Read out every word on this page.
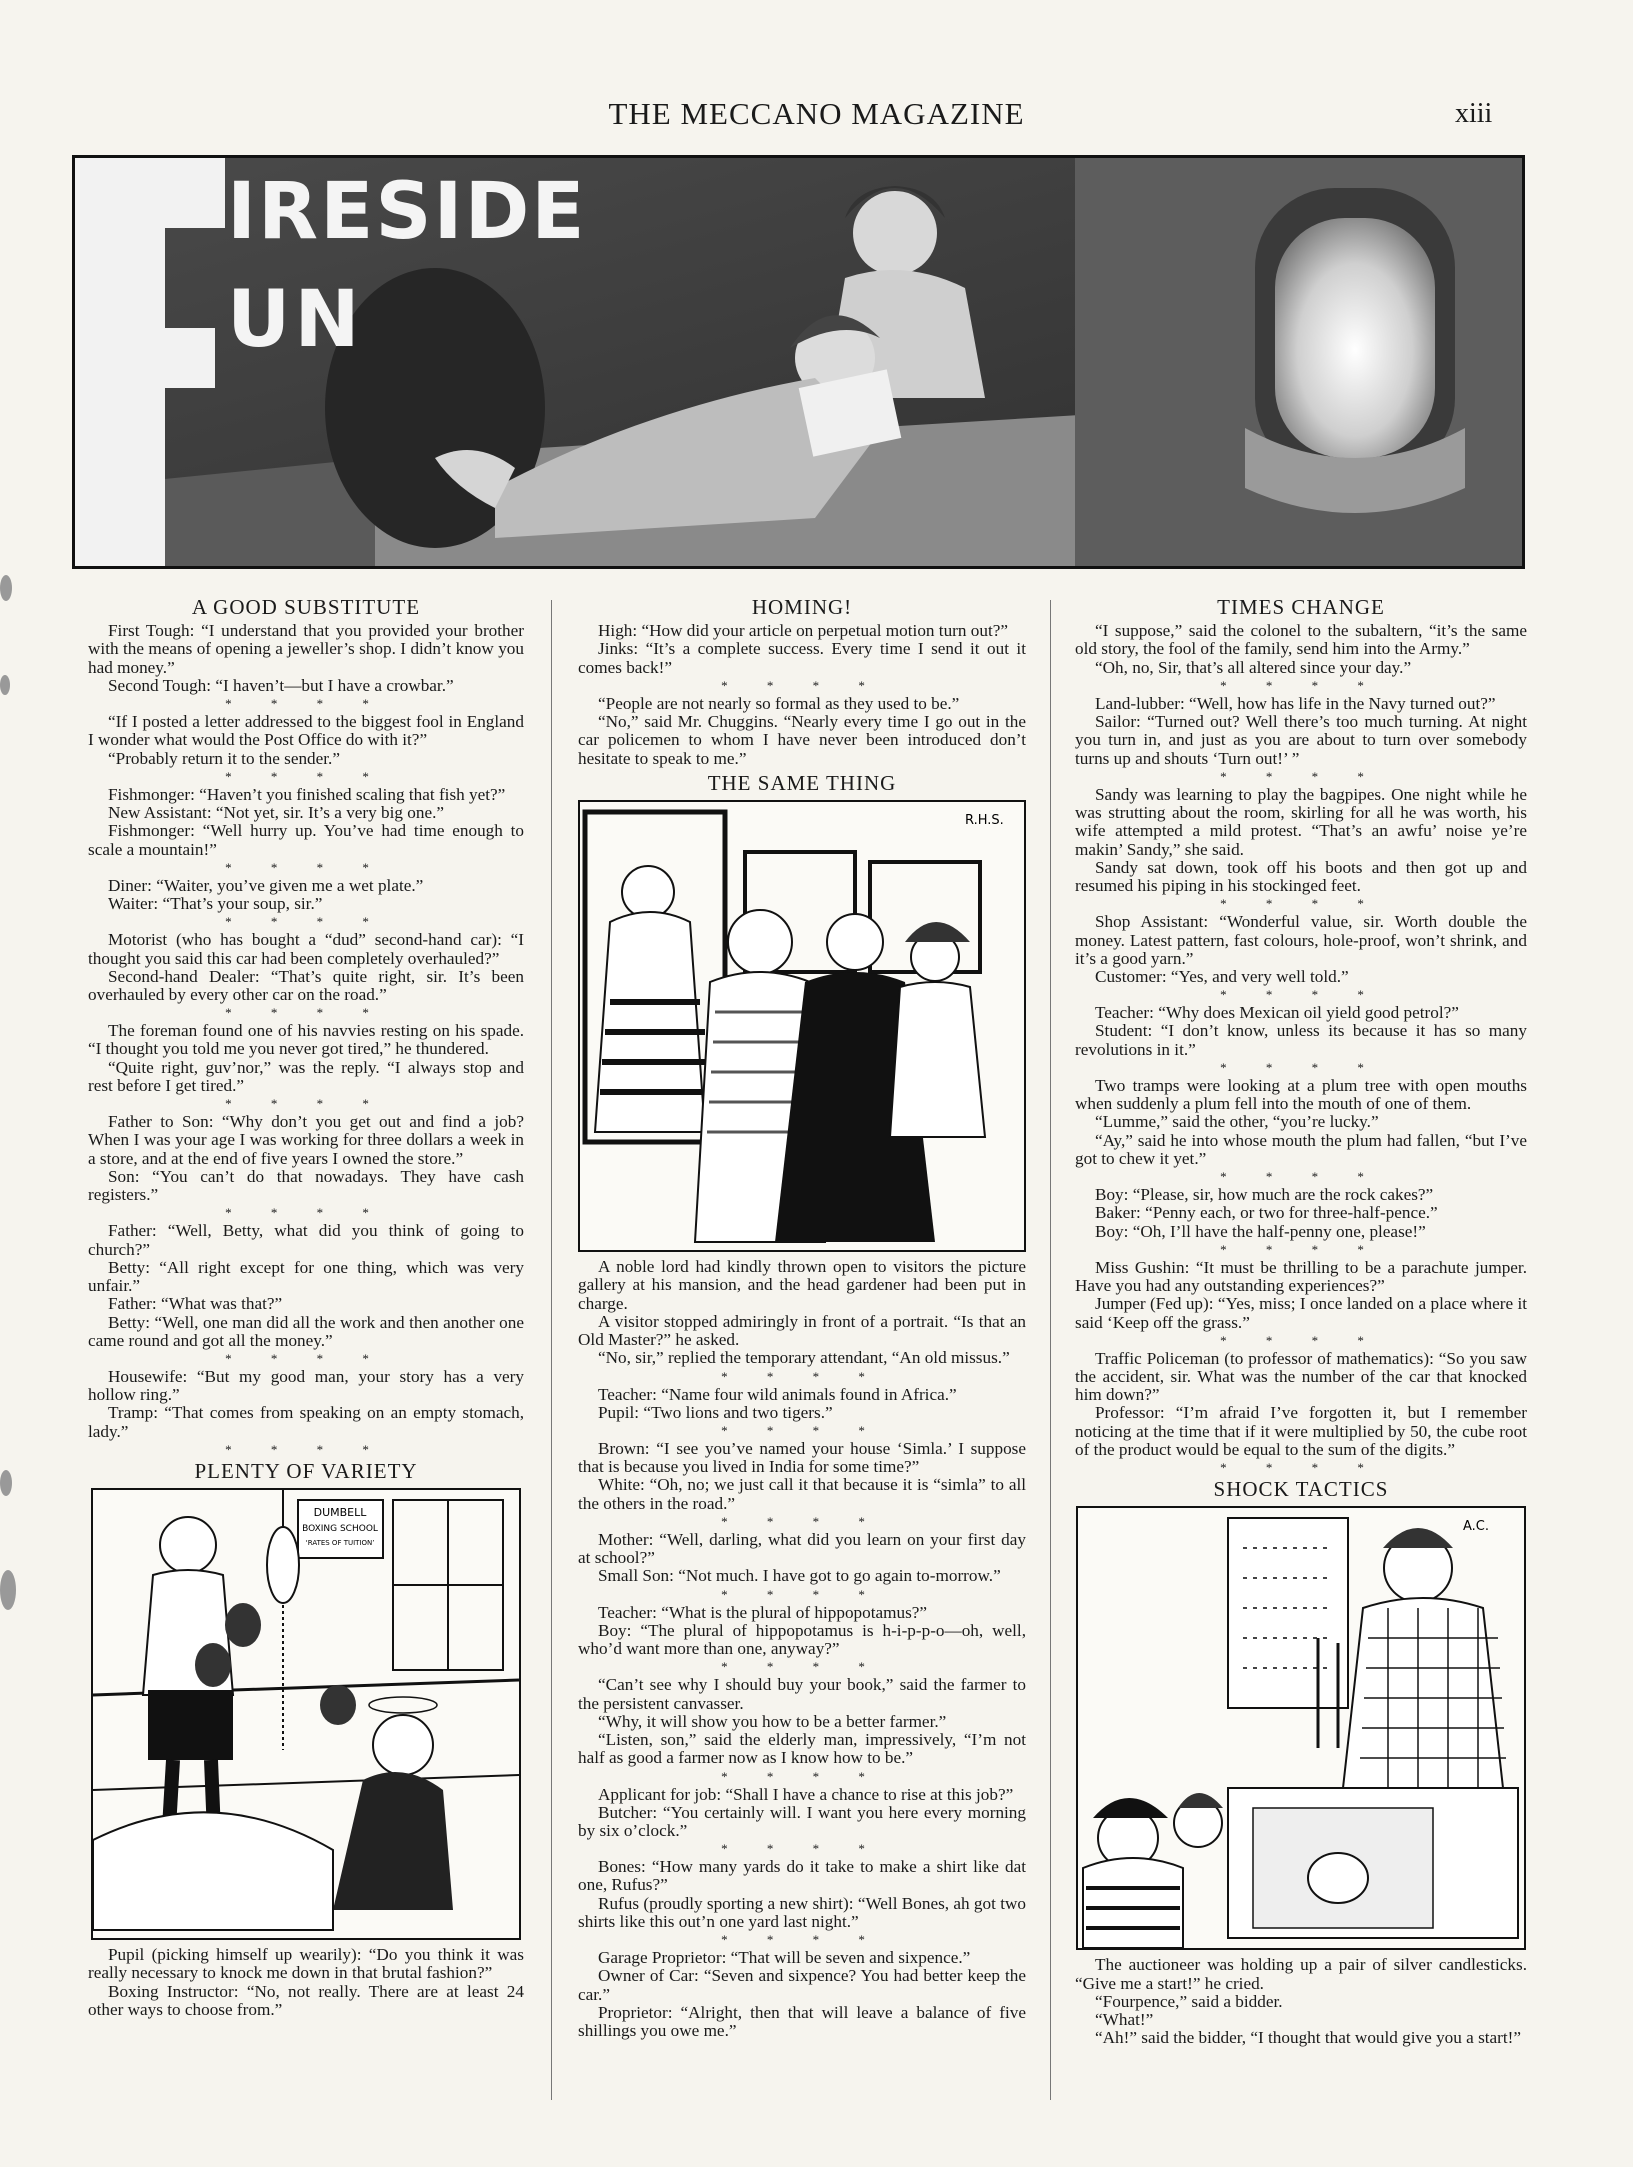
THE MECCANO MAGAZINE	xiii
F
IRESIDE
UN
A GOOD SUBSTITUTE

First Tough: “I understand that you provided your brother with the means of opening a jeweller’s shop. I didn’t know you had money.”

Second Tough: “I haven’t—but I have a crowbar.”

* * * *

“If I posted a letter addressed to the biggest fool in England I wonder what would the Post Office do with it?”

“Probably return it to the sender.”

* * * *

Fishmonger: “Haven’t you finished scaling that fish yet?”

New Assistant: “Not yet, sir. It’s a very big one.”

Fishmonger: “Well hurry up. You’ve had time enough to scale a mountain!”

* * * *

Diner: “Waiter, you’ve given me a wet plate.”

Waiter: “That’s your soup, sir.”

* * * *

Motorist (who has bought a “dud” second-hand car): “I thought you said this car had been completely overhauled?”

Second-hand Dealer: “That’s quite right, sir. It’s been overhauled by every other car on the road.”

* * * *

The foreman found one of his navvies resting on his spade. “I thought you told me you never got tired,” he thundered.

“Quite right, guv’nor,” was the reply. “I always stop and rest before I get tired.”

* * * *

Father to Son: “Why don’t you get out and find a job? When I was your age I was working for three dollars a week in a store, and at the end of five years I owned the store.”

Son: “You can’t do that nowadays. They have cash registers.”

* * * *

Father: “Well, Betty, what did you think of going to church?”

Betty: “All right except for one thing, which was very unfair.”

Father: “What was that?”

Betty: “Well, one man did all the work and then another one came round and got all the money.”

* * * *

Housewife: “But my good man, your story has a very hollow ring.”

Tramp: “That comes from speaking on an empty stomach, lady.”

* * * *
PLENTY OF VARIETY
DUMBELL
BOXING SCHOOL
‘RATES OF TUITION’

Pupil (picking himself up wearily): “Do you think it was really necessary to knock me down in that brutal fashion?”

Boxing Instructor: “No, not really. There are at least 24 other ways to choose from.”

HOMING!

High: “How did your article on perpetual motion turn out?”

Jinks: “It’s a complete success. Every time I send it out it comes back!”

* * * *

“People are not nearly so formal as they used to be.”

“No,” said Mr. Chuggins. “Nearly every time I go out in the car policemen to whom I have never been introduced don’t hesitate to speak to me.”

THE SAME THING
R.H.S.

A noble lord had kindly thrown open to visitors the picture gallery at his mansion, and the head gardener had been put in charge.

A visitor stopped admiringly in front of a portrait. “Is that an Old Master?” he asked.

“No, sir,” replied the temporary attendant, “An old missus.”

* * * *

Teacher: “Name four wild animals found in Africa.”

Pupil: “Two lions and two tigers.”

* * * *

Brown: “I see you’ve named your house ‘Simla.’ I suppose that is because you lived in India for some time?”

White: “Oh, no; we just call it that because it is “simla” to all the others in the road.”

* * * *

Mother: “Well, darling, what did you learn on your first day at school?”

Small Son: “Not much. I have got to go again to-morrow.”

* * * *

Teacher: “What is the plural of hippopotamus?”

Boy: “The plural of hippopotamus is h-i-p-p-o—oh, well, who’d want more than one, anyway?”

* * * *

“Can’t see why I should buy your book,” said the farmer to the persistent canvasser.

“Why, it will show you how to be a better farmer.”

“Listen, son,” said the elderly man, impressively, “I’m not half as good a farmer now as I know how to be.”

* * * *

Applicant for job: “Shall I have a chance to rise at this job?”

Butcher: “You certainly will. I want you here every morning by six o’clock.”

* * * *

Bones: “How many yards do it take to make a shirt like dat one, Rufus?”

Rufus (proudly sporting a new shirt): “Well Bones, ah got two shirts like this out’n one yard last night.”

* * * *

Garage Proprietor: “That will be seven and sixpence.”

Owner of Car: “Seven and sixpence? You had better keep the car.”

Proprietor: “Alright, then that will leave a balance of five shillings you owe me.”

TIMES CHANGE

“I suppose,” said the colonel to the subaltern, “it’s the same old story, the fool of the family, send him into the Army.”

“Oh, no, Sir, that’s all altered since your day.”

* * * *

Land-lubber: “Well, how has life in the Navy turned out?”

Sailor: “Turned out? Well there’s too much turning. At night you turn in, and just as you are about to turn over somebody turns up and shouts ‘Turn out!’ ”

* * * *

Sandy was learning to play the bagpipes. One night while he was strutting about the room, skirling for all he was worth, his wife attempted a mild protest. “That’s an awfu’ noise ye’re makin’ Sandy,” she said.

Sandy sat down, took off his boots and then got up and resumed his piping in his stockinged feet.

* * * *

Shop Assistant: “Wonderful value, sir. Worth double the money. Latest pattern, fast colours, hole-proof, won’t shrink, and it’s a good yarn.”

Customer: “Yes, and very well told.”

* * * *

Teacher: “Why does Mexican oil yield good petrol?”

Student: “I don’t know, unless its because it has so many revolutions in it.”

* * * *

Two tramps were looking at a plum tree with open mouths when suddenly a plum fell into the mouth of one of them.

“Lumme,” said the other, “you’re lucky.”

“Ay,” said he into whose mouth the plum had fallen, “but I’ve got to chew it yet.”

* * * *

Boy: “Please, sir, how much are the rock cakes?”

Baker: “Penny each, or two for three-half-pence.”

Boy: “Oh, I’ll have the half-penny one, please!”

* * * *

Miss Gushin: “It must be thrilling to be a parachute jumper. Have you had any outstanding experiences?”

Jumper (Fed up): “Yes, miss; I once landed on a place where it said ‘Keep off the grass.”

* * * *

Traffic Policeman (to professor of mathematics): “So you saw the accident, sir. What was the number of the car that knocked him down?”

Professor: “I’m afraid I’ve forgotten it, but I remember noticing at the time that if it were multiplied by 50, the cube root of the product would be equal to the sum of the digits.”

* * * *
SHOCK TACTICS
A.C.

The auctioneer was holding up a pair of silver candlesticks. “Give me a start!” he cried.

“Fourpence,” said a bidder.

“What!”

“Ah!” said the bidder, “I thought that would give you a start!”
